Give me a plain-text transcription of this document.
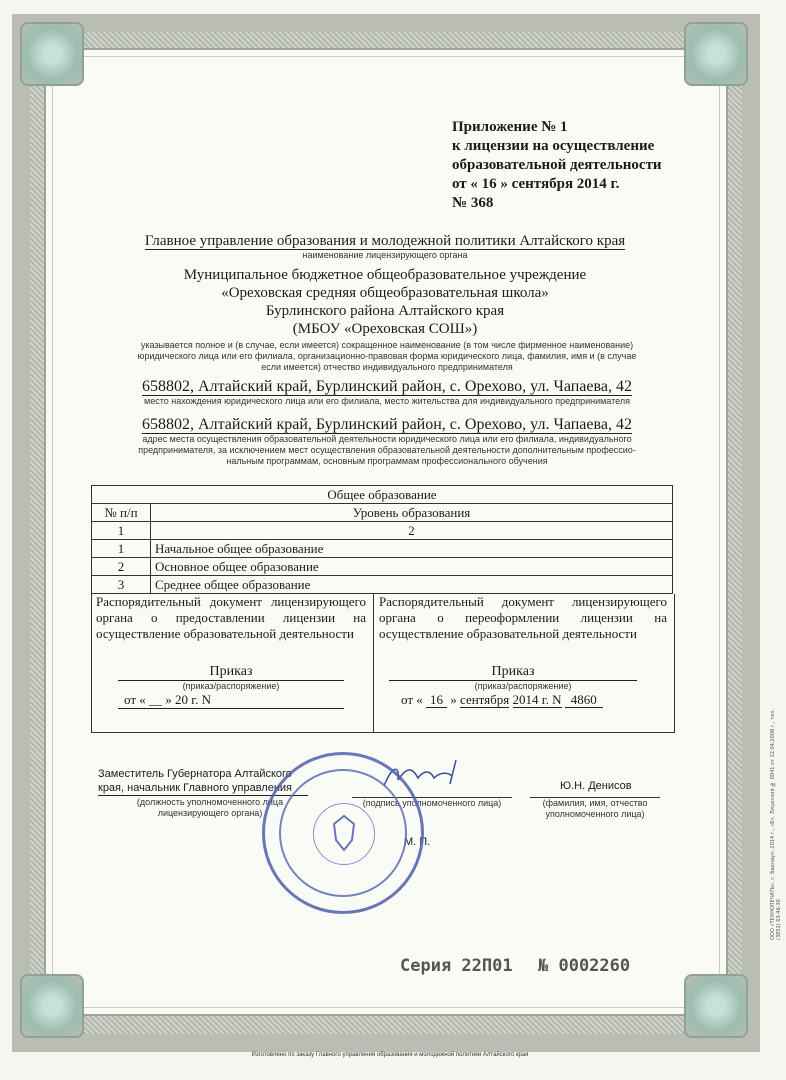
ООО «ТЕХНОПЕЧАТЬ», г. Барнаул, 2014 г., «Б». Лицензия № 0041 от 22.04.2008 г., тел. (3852) 63-46-36
Приложение № 1
к лицензии на осуществление
образовательной деятельности
от « 16 » сентября 2014 г.
№ 368
Главное управление образования и молодежной политики Алтайского края
наименование лицензирующего органа
Муниципальное бюджетное общеобразовательное учреждение
«Ореховская средняя общеобразовательная школа»
Бурлинского района Алтайского края
(МБОУ «Ореховская СОШ»)
указывается полное и (в случае, если имеется) сокращенное наименование (в том числе фирменное наименование)
юридического лица или его филиала, организационно-правовая форма юридического лица, фамилия, имя и (в случае
если имеется) отчество индивидуального предпринимателя
658802, Алтайский край, Бурлинский район, с. Орехово, ул. Чапаева, 42
место нахождения юридического лица или его филиала, место жительства для индивидуального предпринимателя
658802, Алтайский край, Бурлинский район, с. Орехово, ул. Чапаева, 42
адрес места осуществления образовательной деятельности юридического лица или его филиала, индивидуального
предпринимателя, за исключением мест осуществления образовательной деятельности дополнительным профессио-
нальным программам, основным программам профессионального обучения
Общее образование	
№ п/п	Уровень образования
1	2
1	Начальное общее образование
2	Основное общее образование
3	Среднее общее образование
Распорядительный документ лицензирующего органа о предоставлении лицензии на осуществление образовательной деятельности
Приказ
(приказ/распоряжение)
от « __ » 20 г. N
Распорядительный документ лицензирующего органа о переоформлении лицензии на осуществление образовательной деятельности
Приказ
(приказ/распоряжение)
от « 16 » сентября 2014 г. N 4860
Заместитель Губернатора Алтайского
края, начальник Главного управления
(должность уполномоченного лица
лицензирующего органа)
(подпись уполномоченного лица)
Ю.Н. Денисов
(фамилия, имя, отчество
уполномоченного лица)
М. П.
Серия 22П01 № 0002260
Изготовлено по заказу Главного управления образования и молодежной политики Алтайского края
